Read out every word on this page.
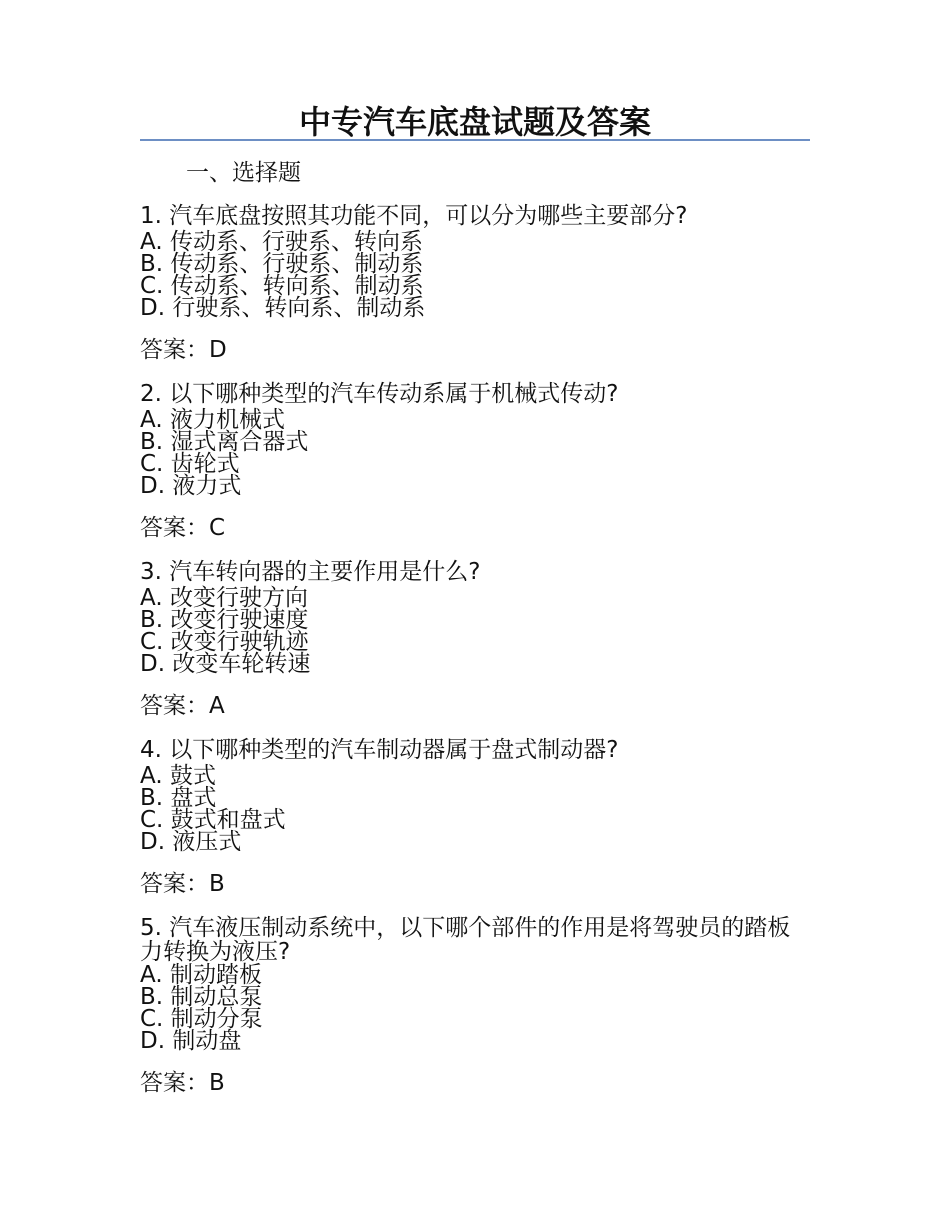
中专汽车底盘试题及答案
一、选择题
1. 汽车底盘按照其功能不同，可以分为哪些主要部分?
A. 传动系、行驶系、转向系
B. 传动系、行驶系、制动系
C. 传动系、转向系、制动系
D. 行驶系、转向系、制动系
答案：D
2. 以下哪种类型的汽车传动系属于机械式传动?
A. 液力机械式
B. 湿式离合器式
C. 齿轮式
D. 液力式
答案：C
3. 汽车转向器的主要作用是什么?
A. 改变行驶方向
B. 改变行驶速度
C. 改变行驶轨迹
D. 改变车轮转速
答案：A
4. 以下哪种类型的汽车制动器属于盘式制动器?
A. 鼓式
B. 盘式
C. 鼓式和盘式
D. 液压式
答案：B
5. 汽车液压制动系统中，以下哪个部件的作用是将驾驶员的踏板力转换为液压?
A. 制动踏板
B. 制动总泵
C. 制动分泵
D. 制动盘
答案：B
